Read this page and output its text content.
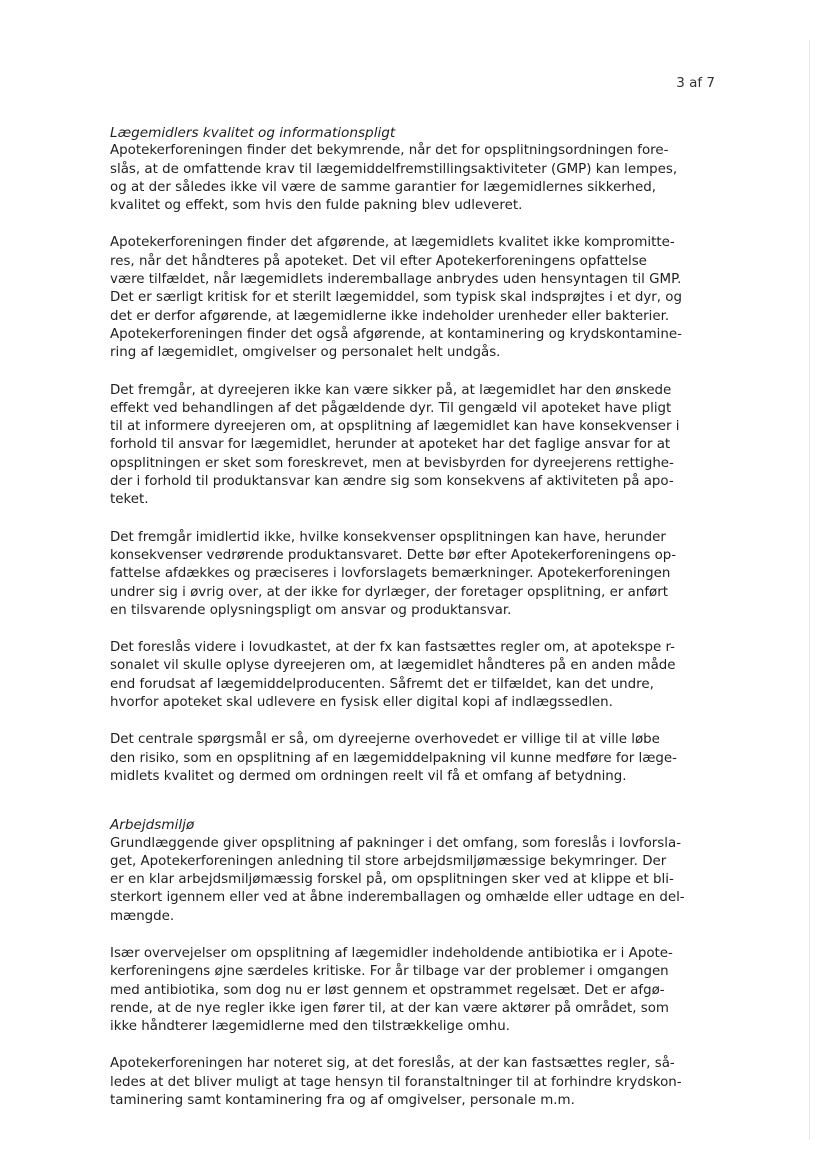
3 af 7
Lægemidlers kvalitet og informationspligt

Apotekerforeningen finder det bekymrende, når det for opsplitningsordningen fore-
slås, at de omfattende krav til lægemiddelfremstillingsaktiviteter (GMP) kan lempes,
og at der således ikke vil være de samme garantier for lægemidlernes sikkerhed,
kvalitet og effekt, som hvis den fulde pakning blev udleveret.

Apotekerforeningen finder det afgørende, at lægemidlets kvalitet ikke kompromitte-
res, når det håndteres på apoteket. Det vil efter Apotekerforeningens opfattelse
være tilfældet, når lægemidlets inderemballage anbrydes uden hensyntagen til GMP.
Det er særligt kritisk for et sterilt lægemiddel, som typisk skal indsprøjtes i et dyr, og
det er derfor afgørende, at lægemidlerne ikke indeholder urenheder eller bakterier.
Apotekerforeningen finder det også afgørende, at kontaminering og krydskontamine-
ring af lægemidlet, omgivelser og personalet helt undgås.

Det fremgår, at dyreejeren ikke kan være sikker på, at lægemidlet har den ønskede
effekt ved behandlingen af det pågældende dyr. Til gengæld vil apoteket have pligt
til at informere dyreejeren om, at opsplitning af lægemidlet kan have konsekvenser i
forhold til ansvar for lægemidlet, herunder at apoteket har det faglige ansvar for at
opsplitningen er sket som foreskrevet, men at bevisbyrden for dyreejerens rettighe-
der i forhold til produktansvar kan ændre sig som konsekvens af aktiviteten på apo-
teket.

Det fremgår imidlertid ikke, hvilke konsekvenser opsplitningen kan have, herunder
konsekvenser vedrørende produktansvaret. Dette bør efter Apotekerforeningens op-
fattelse afdækkes og præciseres i lovforslagets bemærkninger. Apotekerforeningen
undrer sig i øvrig over, at der ikke for dyrlæger, der foretager opsplitning, er anført
en tilsvarende oplysningspligt om ansvar og produktansvar.

Det foreslås videre i lovudkastet, at der fx kan fastsættes regler om, at apotekspe r-
sonalet vil skulle oplyse dyreejeren om, at lægemidlet håndteres på en anden måde
end forudsat af lægemiddelproducenten. Såfremt det er tilfældet, kan det undre,
hvorfor apoteket skal udlevere en fysisk eller digital kopi af indlægssedlen.

Det centrale spørgsmål er så, om dyreejerne overhovedet er villige til at ville løbe
den risiko, som en opsplitning af en lægemiddelpakning vil kunne medføre for læge-
midlets kvalitet og dermed om ordningen reelt vil få et omfang af betydning.

Arbejdsmiljø

Grundlæggende giver opsplitning af pakninger i det omfang, som foreslås i lovforsla-
get, Apotekerforeningen anledning til store arbejdsmiljømæssige bekymringer. Der
er en klar arbejdsmiljømæssig forskel på, om opsplitningen sker ved at klippe et bli-
sterkort igennem eller ved at åbne inderemballagen og omhælde eller udtage en del-
mængde.

Især overvejelser om opsplitning af lægemidler indeholdende antibiotika er i Apote-
kerforeningens øjne særdeles kritiske. For år tilbage var der problemer i omgangen
med antibiotika, som dog nu er løst gennem et opstrammet regelsæt. Det er afgø-
rende, at de nye regler ikke igen fører til, at der kan være aktører på området, som
ikke håndterer lægemidlerne med den tilstrækkelige omhu.

Apotekerforeningen har noteret sig, at det foreslås, at der kan fastsættes regler, så-
ledes at det bliver muligt at tage hensyn til foranstaltninger til at forhindre krydskon-
taminering samt kontaminering fra og af omgivelser, personale m.m.
